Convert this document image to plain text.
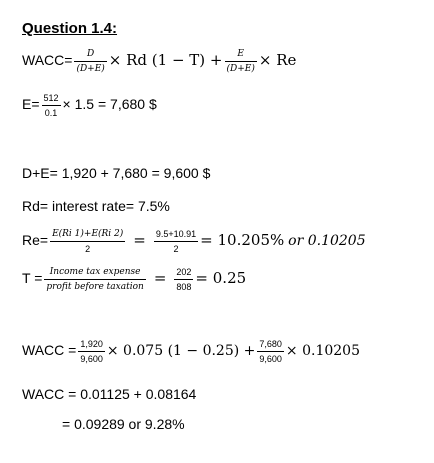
Question 1.4:
WACC= $\frac{D}{(D+E)} \times Rd$ $(1 - T) + \frac{E}{(D+E)} \times Re$
$E= \frac{512}{0.1} \times 1.5 = 7,680$ $
D+E= 1,920 + 7,680 = 9,600 $
Rd= interest rate= 7.5%
$Re= \frac{E(Ri 1)+E(Ri 2)}{2} = \frac{9.5+10.91}{2} = 10.205\%$ or 0.10205
$T = \frac{\text{Income tax expense}}{\text{profit before taxation}} = \frac{202}{808} = 0.25$
WACC = $\frac{1,920}{9,600} \times 0.075$ $(1 - 0.25) + \frac{7,680}{9,600} \times 0.10205$
WACC = 0.01125 + 0.08164
= 0.09289 or 9.28%
